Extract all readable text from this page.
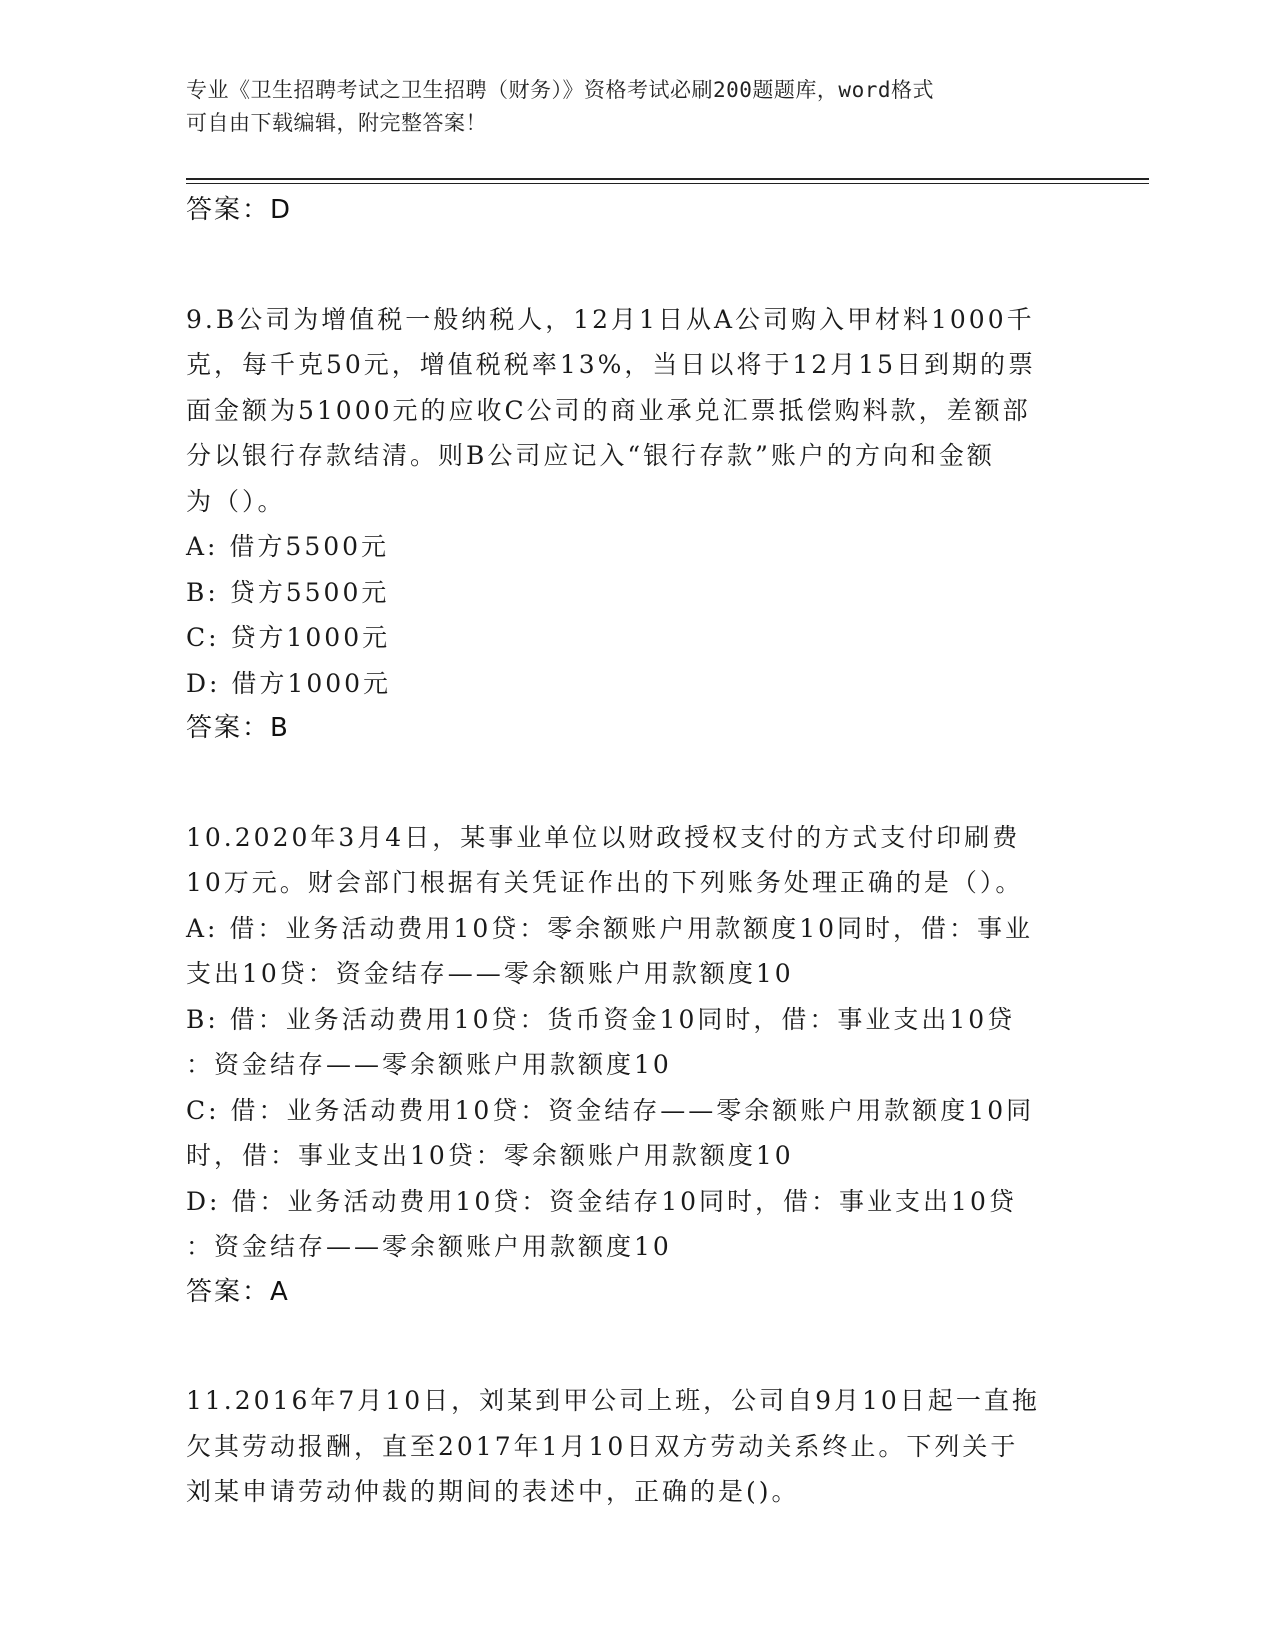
专业《卫生招聘考试之卫生招聘（财务）》资格考试必刷200题题库，word格式
可自由下载编辑，附完整答案！
答案：D
9.B公司为增值税一般纳税人，12月1日从A公司购入甲材料1000千
克，每千克50元，增值税税率13%，当日以将于12月15日到期的票
面金额为51000元的应收C公司的商业承兑汇票抵偿购料款，差额部
分以银行存款结清。则B公司应记入“银行存款”账户的方向和金额
为（）。
A: 借方5500元
B: 贷方5500元
C: 贷方1000元
D: 借方1000元
答案：B
10.2020年3月4日，某事业单位以财政授权支付的方式支付印刷费
10万元。财会部门根据有关凭证作出的下列账务处理正确的是（）。
A: 借：业务活动费用10贷：零余额账户用款额度10同时，借：事业
支出10贷：资金结存——零余额账户用款额度10
B: 借：业务活动费用10贷：货币资金10同时，借：事业支出10贷
：资金结存——零余额账户用款额度10
C: 借：业务活动费用10贷：资金结存——零余额账户用款额度10同
时，借：事业支出10贷：零余额账户用款额度10
D: 借：业务活动费用10贷：资金结存10同时，借：事业支出10贷
：资金结存——零余额账户用款额度10
答案：A
11.2016年7月10日，刘某到甲公司上班，公司自9月10日起一直拖
欠其劳动报酬，直至2017年1月10日双方劳动关系终止。下列关于
刘某申请劳动仲裁的期间的表述中，正确的是()。
